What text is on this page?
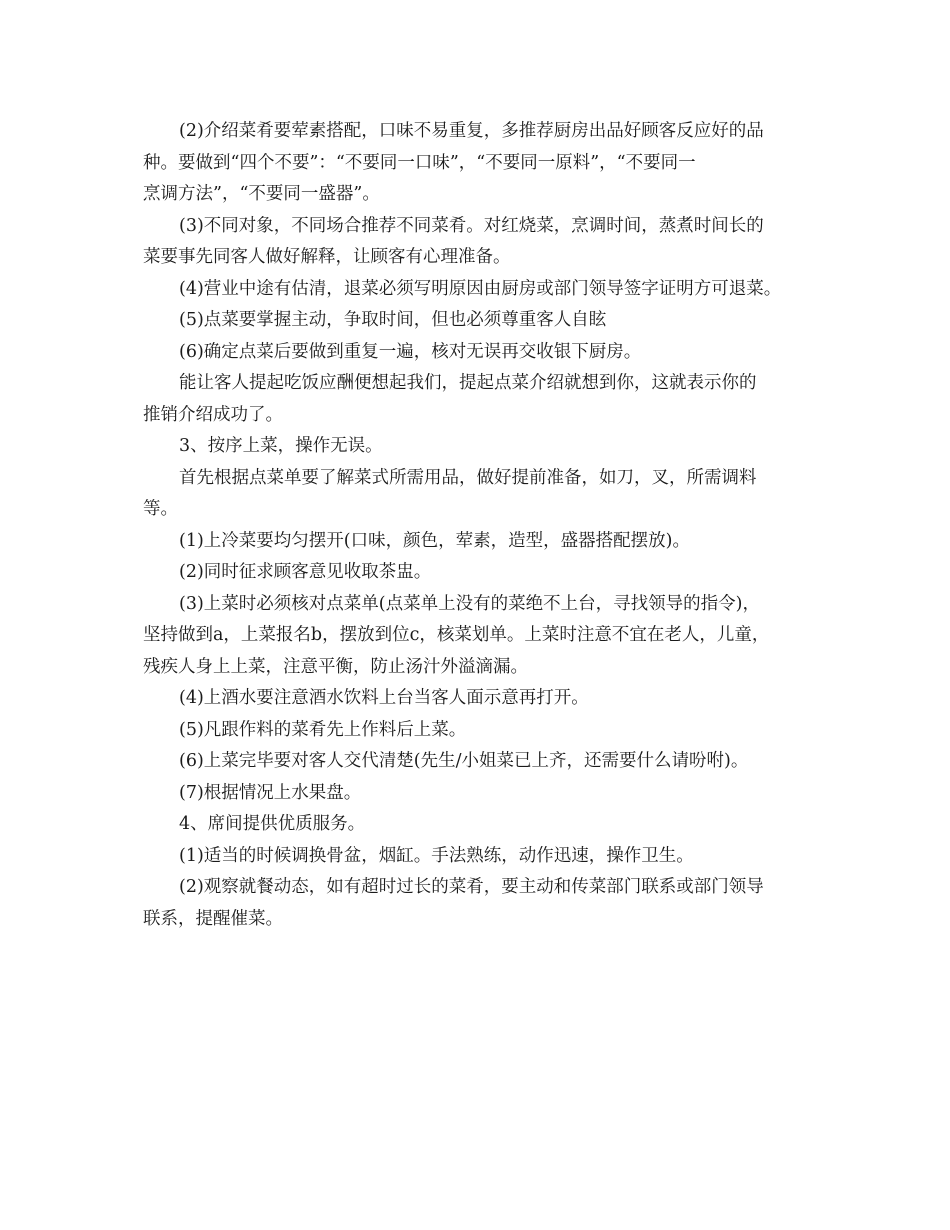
(2)介绍菜肴要荤素搭配，口味不易重复，多推荐厨房出品好顾客反应好的品
种。要做到“四个不要”：“不要同一口味”，“不要同一原料”，“不要同一
烹调方法”，“不要同一盛器”。

(3)不同对象，不同场合推荐不同菜肴。对红烧菜，烹调时间，蒸煮时间长的
菜要事先同客人做好解释，让顾客有心理准备。

(4)营业中途有估清，退菜必须写明原因由厨房或部门领导签字证明方可退菜。

(5)点菜要掌握主动，争取时间，但也必须尊重客人自眩

(6)确定点菜后要做到重复一遍，核对无误再交收银下厨房。

能让客人提起吃饭应酬便想起我们，提起点菜介绍就想到你，这就表示你的
推销介绍成功了。

3、按序上菜，操作无误。

首先根据点菜单要了解菜式所需用品，做好提前准备，如刀，叉，所需调料
等。

(1)上冷菜要均匀摆开(口味，颜色，荤素，造型，盛器搭配摆放)。

(2)同时征求顾客意见收取茶盅。

(3)上菜时必须核对点菜单(点菜单上没有的菜绝不上台，寻找领导的指令)，
坚持做到a，上菜报名b，摆放到位c，核菜划单。上菜时注意不宜在老人，儿童，
残疾人身上上菜，注意平衡，防止汤汁外溢滴漏。

(4)上酒水要注意酒水饮料上台当客人面示意再打开。

(5)凡跟作料的菜肴先上作料后上菜。

(6)上菜完毕要对客人交代清楚(先生/小姐菜已上齐，还需要什么请吩咐)。

(7)根据情况上水果盘。

4、席间提供优质服务。

(1)适当的时候调换骨盆，烟缸。手法熟练，动作迅速，操作卫生。

(2)观察就餐动态，如有超时过长的菜肴，要主动和传菜部门联系或部门领导
联系，提醒催菜。
